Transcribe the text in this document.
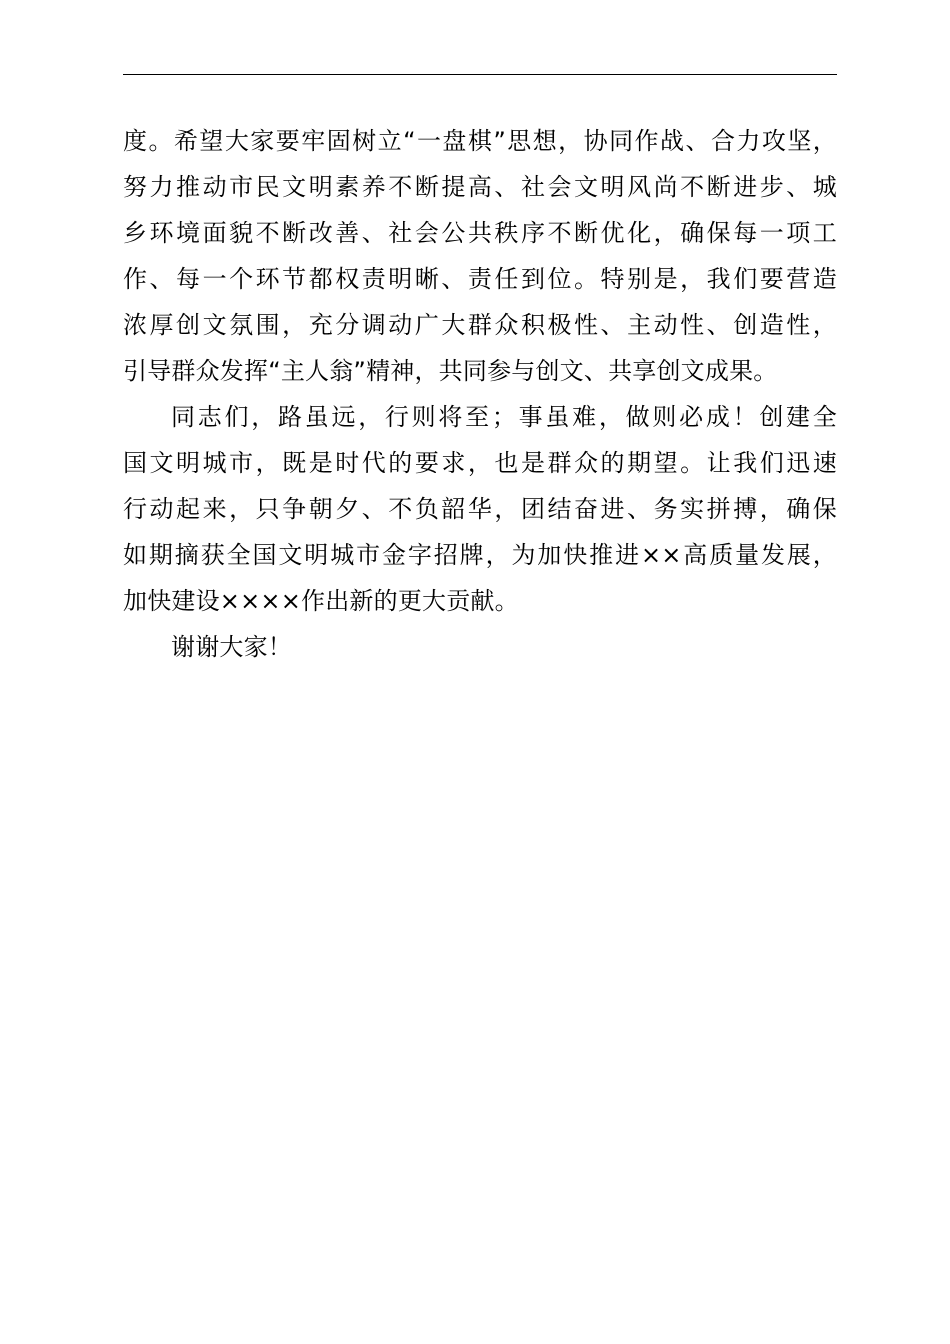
度。希望大家要牢固树立“一盘棋”思想，协同作战、合力攻坚，
努力推动市民文明素养不断提高、社会文明风尚不断进步、城
乡环境面貌不断改善、社会公共秩序不断优化，确保每一项工
作、每一个环节都权责明晰、责任到位。特别是，我们要营造
浓厚创文氛围，充分调动广大群众积极性、主动性、创造性，
引导群众发挥“主人翁”精神，共同参与创文、共享创文成果。
同志们，路虽远，行则将至；事虽难，做则必成！创建全
国文明城市，既是时代的要求，也是群众的期望。让我们迅速
行动起来，只争朝夕、不负韶华，团结奋进、务实拼搏，确保
如期摘获全国文明城市金字招牌，为加快推进××高质量发展，
加快建设××××作出新的更大贡献。
谢谢大家！
